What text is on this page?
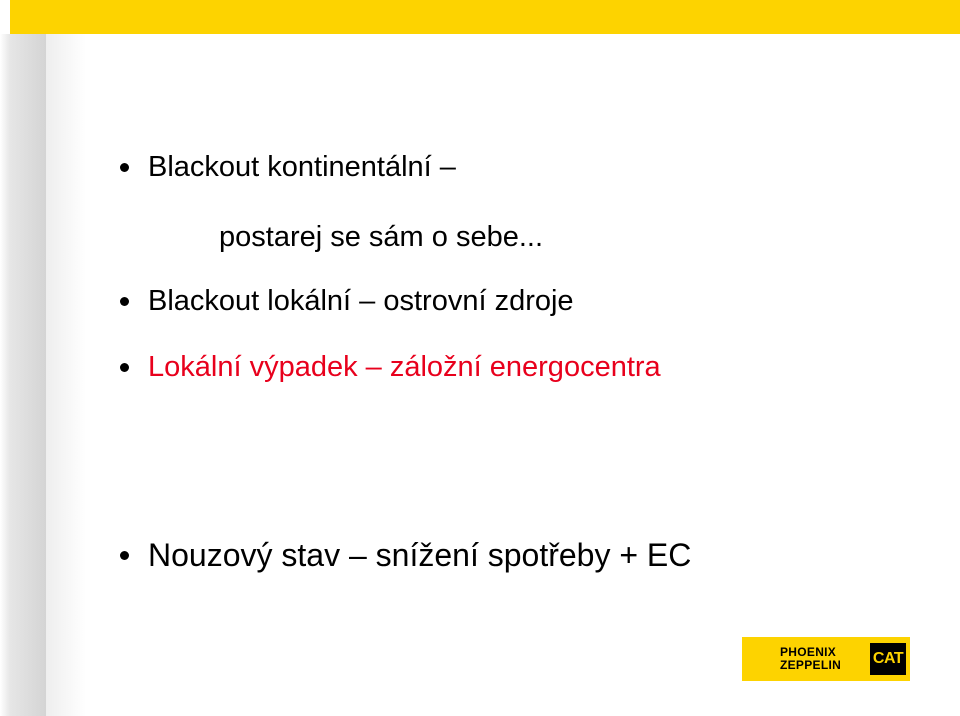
Blackout kontinentální –
postarej se sám o sebe...
Blackout lokální – ostrovní zdroje
Lokální výpadek – záložní energocentra
Nouzový stav – snížení spotřeby + EC
PHOENIX
ZEPPELIN CAT
